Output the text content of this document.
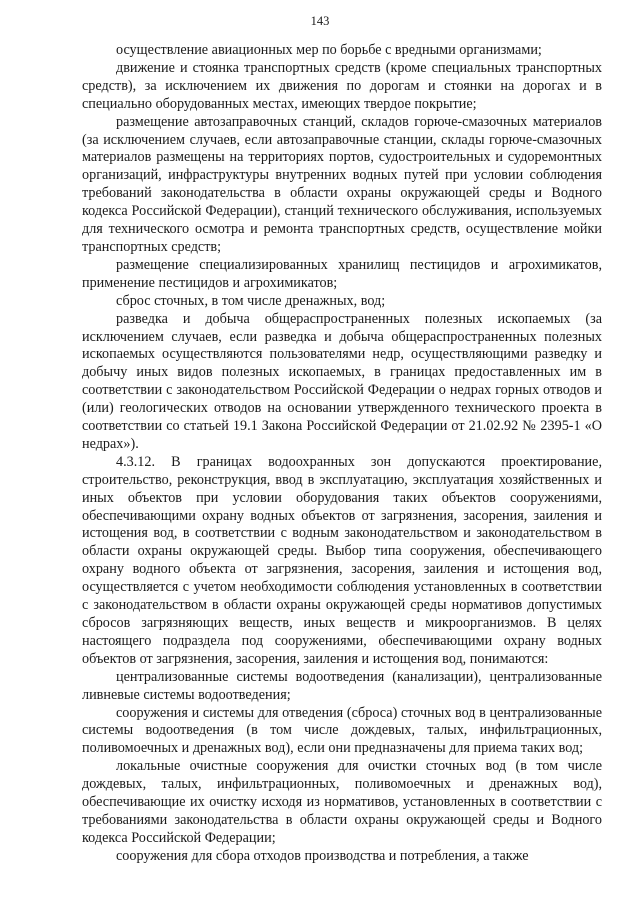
143

осуществление авиационных мер по борьбе с вредными организмами;

движение и стоянка транспортных средств (кроме специальных транспортных средств), за исключением их движения по дорогам и стоянки на дорогах и в специально оборудованных местах, имеющих твердое покрытие;

размещение автозаправочных станций, складов горюче-смазочных материалов (за исключением случаев, если автозаправочные станции, склады горюче-смазочных материалов размещены на территориях портов, судостроительных и судоремонтных организаций, инфраструктуры внутренних водных путей при условии соблюдения требований законодательства в области охраны окружающей среды и Водного кодекса Российской Федерации), станций технического обслуживания, используемых для технического осмотра и ремонта транспортных средств, осуществление мойки транспортных средств;

размещение специализированных хранилищ пестицидов и агрохимикатов, применение пестицидов и агрохимикатов;

сброс сточных, в том числе дренажных, вод;

разведка и добыча общераспространенных полезных ископаемых (за исключением случаев, если разведка и добыча общераспространенных полезных ископаемых осуществляются пользователями недр, осуществляющими разведку и добычу иных видов полезных ископаемых, в границах предоставленных им в соответствии с законодательством Российской Федерации о недрах горных отводов и (или) геологических отводов на основании утвержденного технического проекта в соответствии со статьей 19.1 Закона Российской Федерации от 21.02.92 № 2395-1 «О недрах»).

4.3.12. В границах водоохранных зон допускаются проектирование, строительство, реконструкция, ввод в эксплуатацию, эксплуатация хозяйственных и иных объектов при условии оборудования таких объектов сооружениями, обеспечивающими охрану водных объектов от загрязнения, засорения, заиления и истощения вод, в соответствии с водным законодательством и законодательством в области охраны окружающей среды. Выбор типа сооружения, обеспечивающего охрану водного объекта от загрязнения, засорения, заиления и истощения вод, осуществляется с учетом необходимости соблюдения установленных в соответствии с законодательством в области охраны окружающей среды нормативов допустимых сбросов загрязняющих веществ, иных веществ и микроорганизмов. В целях настоящего подраздела под сооружениями, обеспечивающими охрану водных объектов от загрязнения, засорения, заиления и истощения вод, понимаются:

централизованные системы водоотведения (канализации), централизованные ливневые системы водоотведения;

сооружения и системы для отведения (сброса) сточных вод в централизованные системы водоотведения (в том числе дождевых, талых, инфильтрационных, поливомоечных и дренажных вод), если они предназначены для приема таких вод;

локальные очистные сооружения для очистки сточных вод (в том числе дождевых, талых, инфильтрационных, поливомоечных и дренажных вод), обеспечивающие их очистку исходя из нормативов, установленных в соответствии с требованиями законодательства в области охраны окружающей среды и Водного кодекса Российской Федерации;

сооружения для сбора отходов производства и потребления, а также
